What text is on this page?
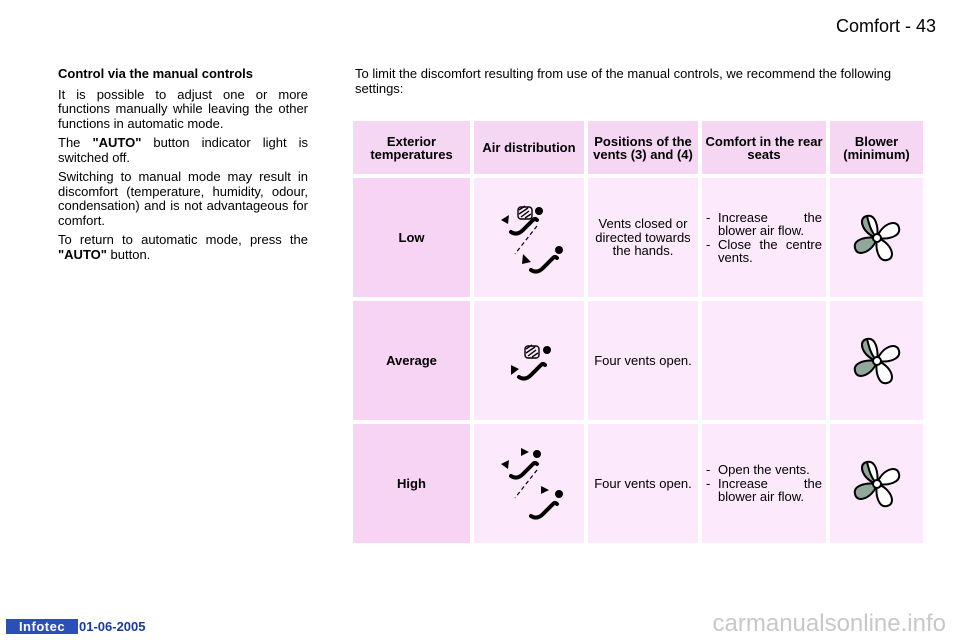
Comfort - 43

Control via the manual controls

It is possible to adjust one or more functions manually while leaving the other functions in automatic mode.

The "AUTO" button indicator light is switched off.

Switching to manual mode may result in discomfort (temperature, humidity, odour, condensation) and is not advantageous for comfort.

To return to automatic mode, press the "AUTO" button.

To limit the discomfort resulting from use of the manual controls, we recommend the following settings:
Exterior temperatures	Air distribution	Positions of the vents (3) and (4)	Comfort in the rear seats	Blower (minimum)
Low		Vents closed or directed towards the hands.	- Increase the blower air flow.
- Close the centre vents.

Average		Four vents open.		

High		Four vents open.	- Open the vents.
- Increase the blower air flow.

Infotec	01-06-2005	carmanualsonline.info
